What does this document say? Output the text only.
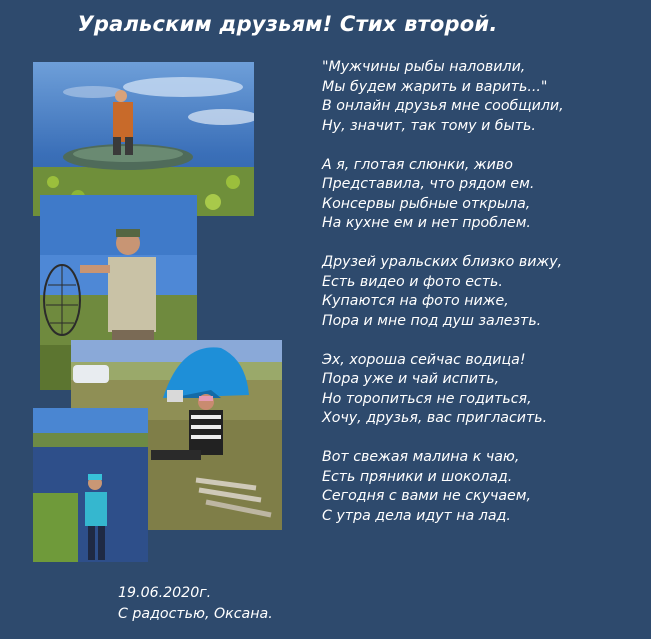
Уральским друзьям! Стих второй.
"Мужчины рыбы наловили,
Мы будем жарить и варить..."
В онлайн друзья мне сообщили,
Ну, значит, так тому и быть.
А я, глотая слюнки, живо
Представила, что рядом ем.
Консервы рыбные открыла,
На кухне ем и нет проблем.
Друзей уральских близко вижу,
Есть видео и фото есть.
Купаются на фото ниже,
Пора и мне под душ залезть.
Эх, хороша сейчас водица!
Пора уже и чай испить,
Но торопиться не годиться,
Хочу, друзья, вас пригласить.
Вот свежая малина к чаю,
Есть пряники и шоколад.
Сегодня с вами не скучаем,
С утра дела идут на лад.
19.06.2020г.
С радостью, Оксана.
